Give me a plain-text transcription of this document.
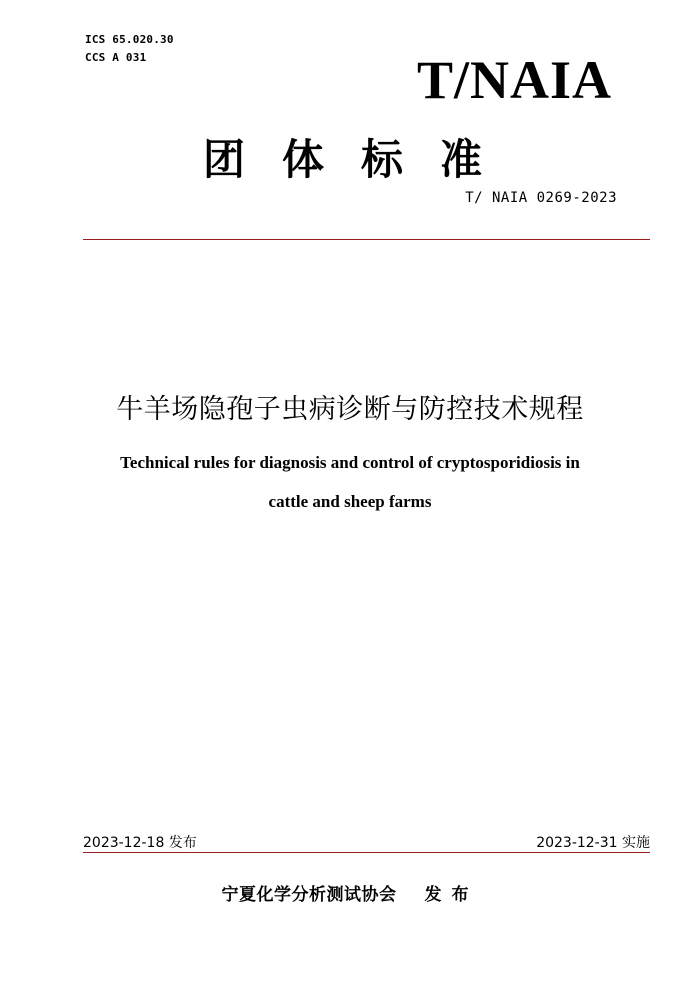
ICS 65.020.30
CCS A 031	T/NAIA
团体标准
T/ NAIA 0269-2023
牛羊场隐孢子虫病诊断与防控技术规程
Technical rules for diagnosis and control of cryptosporidiosis in
cattle and sheep farms
2023-12-18 发布	2023-12-31 实施
宁夏化学分析测试协会 发布
